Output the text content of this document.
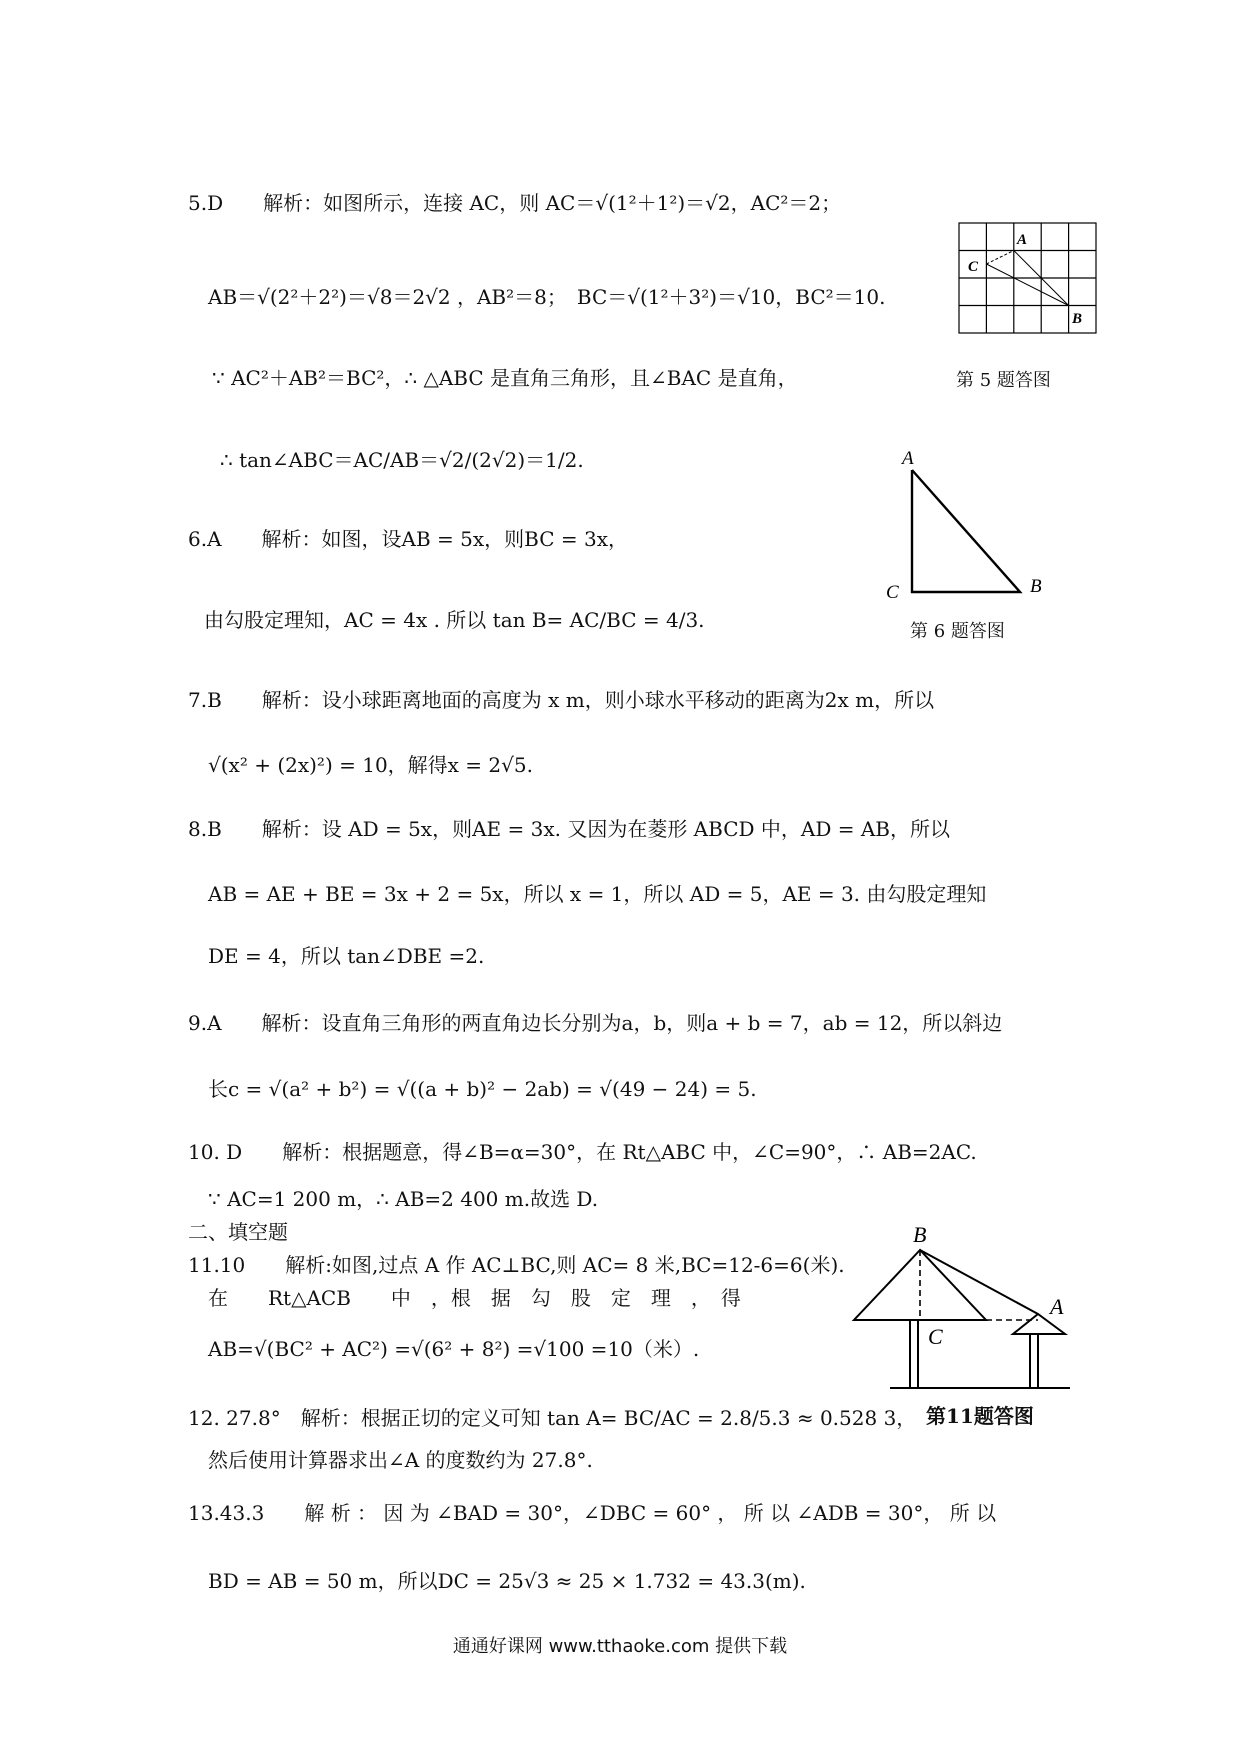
5.D　　解析：如图所示，连接 AC，则 AC＝√(1²＋1²)＝√2，AC²＝2；
AB＝√(2²＋2²)＝√8＝2√2 ，AB²＝8；　BC＝√(1²＋3²)＝√10，BC²＝10.
∵ AC²＋AB²＝BC²，∴ △ABC 是直角三角形，且∠BAC 是直角，
∴ tan∠ABC＝AC/AB＝√2/(2√2)＝1/2.
A
C
B
第 5 题答图
6.A　　解析：如图，设AB = 5x，则BC = 3x，
由勾股定理知，AC = 4x . 所以 tan B= AC/BC = 4/3.
A
C	B
第 6 题答图
7.B　　解析：设小球距离地面的高度为 x m，则小球水平移动的距离为2x m，所以
√(x² + (2x)²) = 10，解得x = 2√5.
8.B　　解析：设 AD = 5x，则AE = 3x. 又因为在菱形 ABCD 中，AD = AB，所以
AB = AE + BE = 3x + 2 = 5x，所以 x = 1，所以 AD = 5，AE = 3. 由勾股定理知
DE = 4，所以 tan∠DBE =2.
9.A　　解析：设直角三角形的两直角边长分别为a，b，则a + b = 7，ab = 12，所以斜边
长c = √(a² + b²) = √((a + b)² − 2ab) = √(49 − 24) = 5.
10. D　　解析：根据题意，得∠B=α=30°，在 Rt△ABC 中，∠C=90°，∴ AB=2AC.
∵ AC=1 200 m，∴ AB=2 400 m.故选 D.
二、填空题
11.10　　解析:如图,过点 A 作 AC⊥BC,则 AC= 8 米,BC=12-6=6(米).
在　　Rt△ACB　　中　，根　据　勾　股　定　理　，　得
AB=√(BC² + AC²) =√(6² + 8²) =√100 =10（米）.
B
C
A
第11题答图
12. 27.8°　解析：根据正切的定义可知 tan A= BC/AC = 2.8/5.3 ≈ 0.528 3，
然后使用计算器求出∠A 的度数约为 27.8°.
13.43.3　　解 析 ： 因 为 ∠BAD = 30°，∠DBC = 60° ， 所 以 ∠ADB = 30°， 所 以
BD = AB = 50 m，所以DC = 25√3 ≈ 25 × 1.732 = 43.3(m).
通通好课网 www.tthaoke.com 提供下载
